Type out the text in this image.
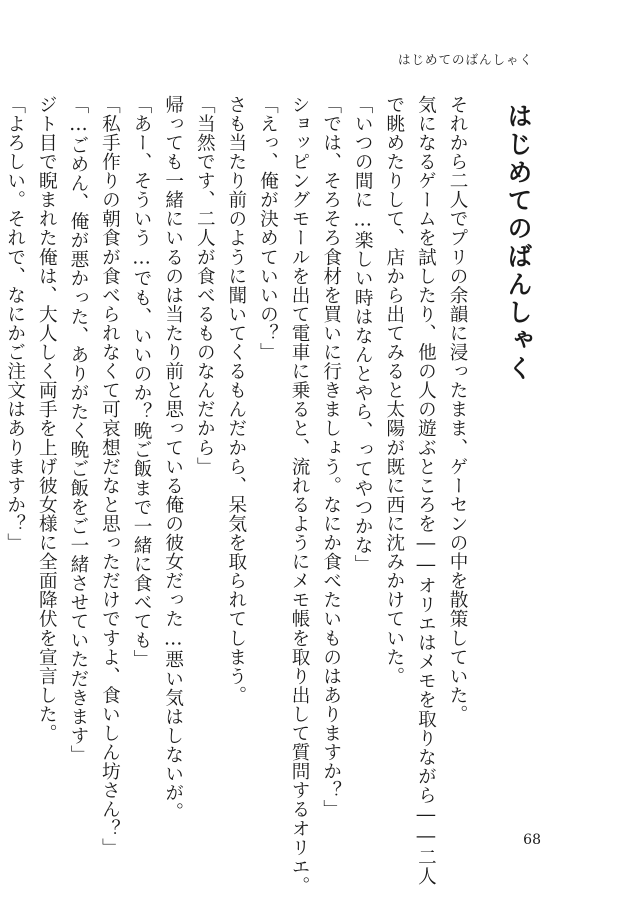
はじめてのばんしゃく
はじめてのばんしゃく

それから二人でプリの余韻に浸ったまま、ゲーセンの中を散策していた。
気になるゲームを試したり、他の人の遊ぶところを――オリエはメモを取りながら――二人
で眺めたりして、店から出てみると太陽が既に西に沈みかけていた。

「いつの間に…楽しい時はなんとやら、ってやつかな」

「では、そろそろ食材を買いに行きましょう。なにか食べたいものはありますか？」

ショッピングモールを出て電車に乗ると、流れるようにメモ帳を取り出して質問するオリエ。

「えっ、俺が決めていいの？」

さも当たり前のように聞いてくるもんだから、呆気を取られてしまう。

「当然です、二人が食べるものなんだから」

帰っても一緒にいるのは当たり前と思っている俺の彼女だった…悪い気はしないが。

「あー、そういう…でも、いいのか？晩ご飯まで一緒に食べても」

「私手作りの朝食が食べられなくて可哀想だなと思っただけですよ、食いしん坊さん？」

「…ごめん、俺が悪かった、ありがたく晩ご飯をご一緒させていただきます」

ジト目で睨まれた俺は、大人しく両手を上げ彼女様に全面降伏を宣言した。

「よろしい。それで、なにかご注文はありますか？」

68
